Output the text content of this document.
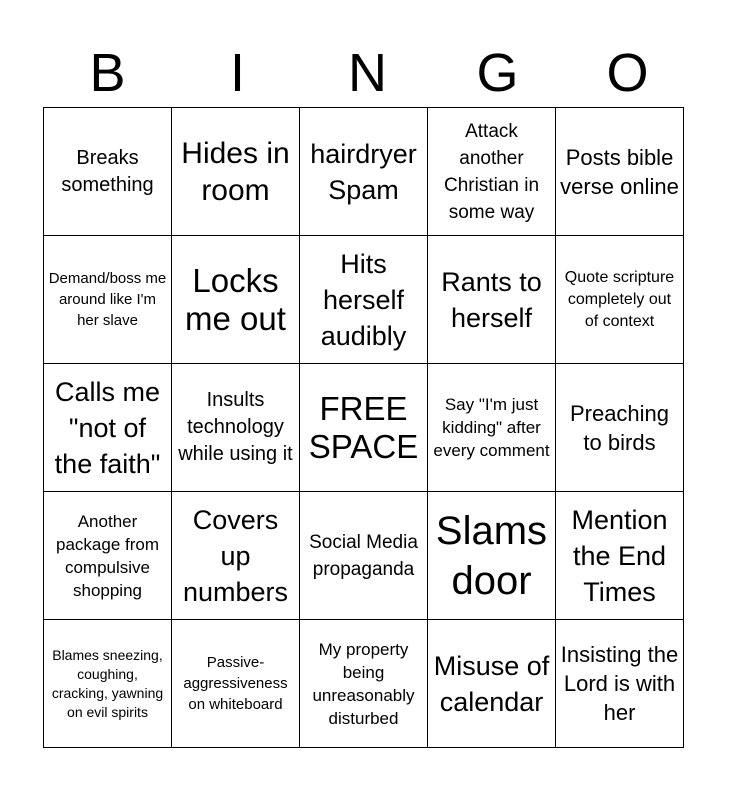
B	I	N	G	O
Breaks something	Hides in room	hairdryer Spam	Attack another Christian in some way	Posts bible verse online
Demand/boss me around like I'm her slave	Locks me out	Hits herself audibly	Rants to herself	Quote scripture completely out of context
Calls me "not of the faith"	Insults technology while using it	FREE SPACE	Say "I'm just kidding" after every comment	Preaching to birds
Another package from compulsive shopping	Covers up numbers	Social Media propaganda	Slams door	Mention the End Times
Blames sneezing, coughing, cracking, yawning on evil spirits	Passive-aggressiveness on whiteboard	My property being unreasonably disturbed	Misuse of calendar	Insisting the Lord is with her
